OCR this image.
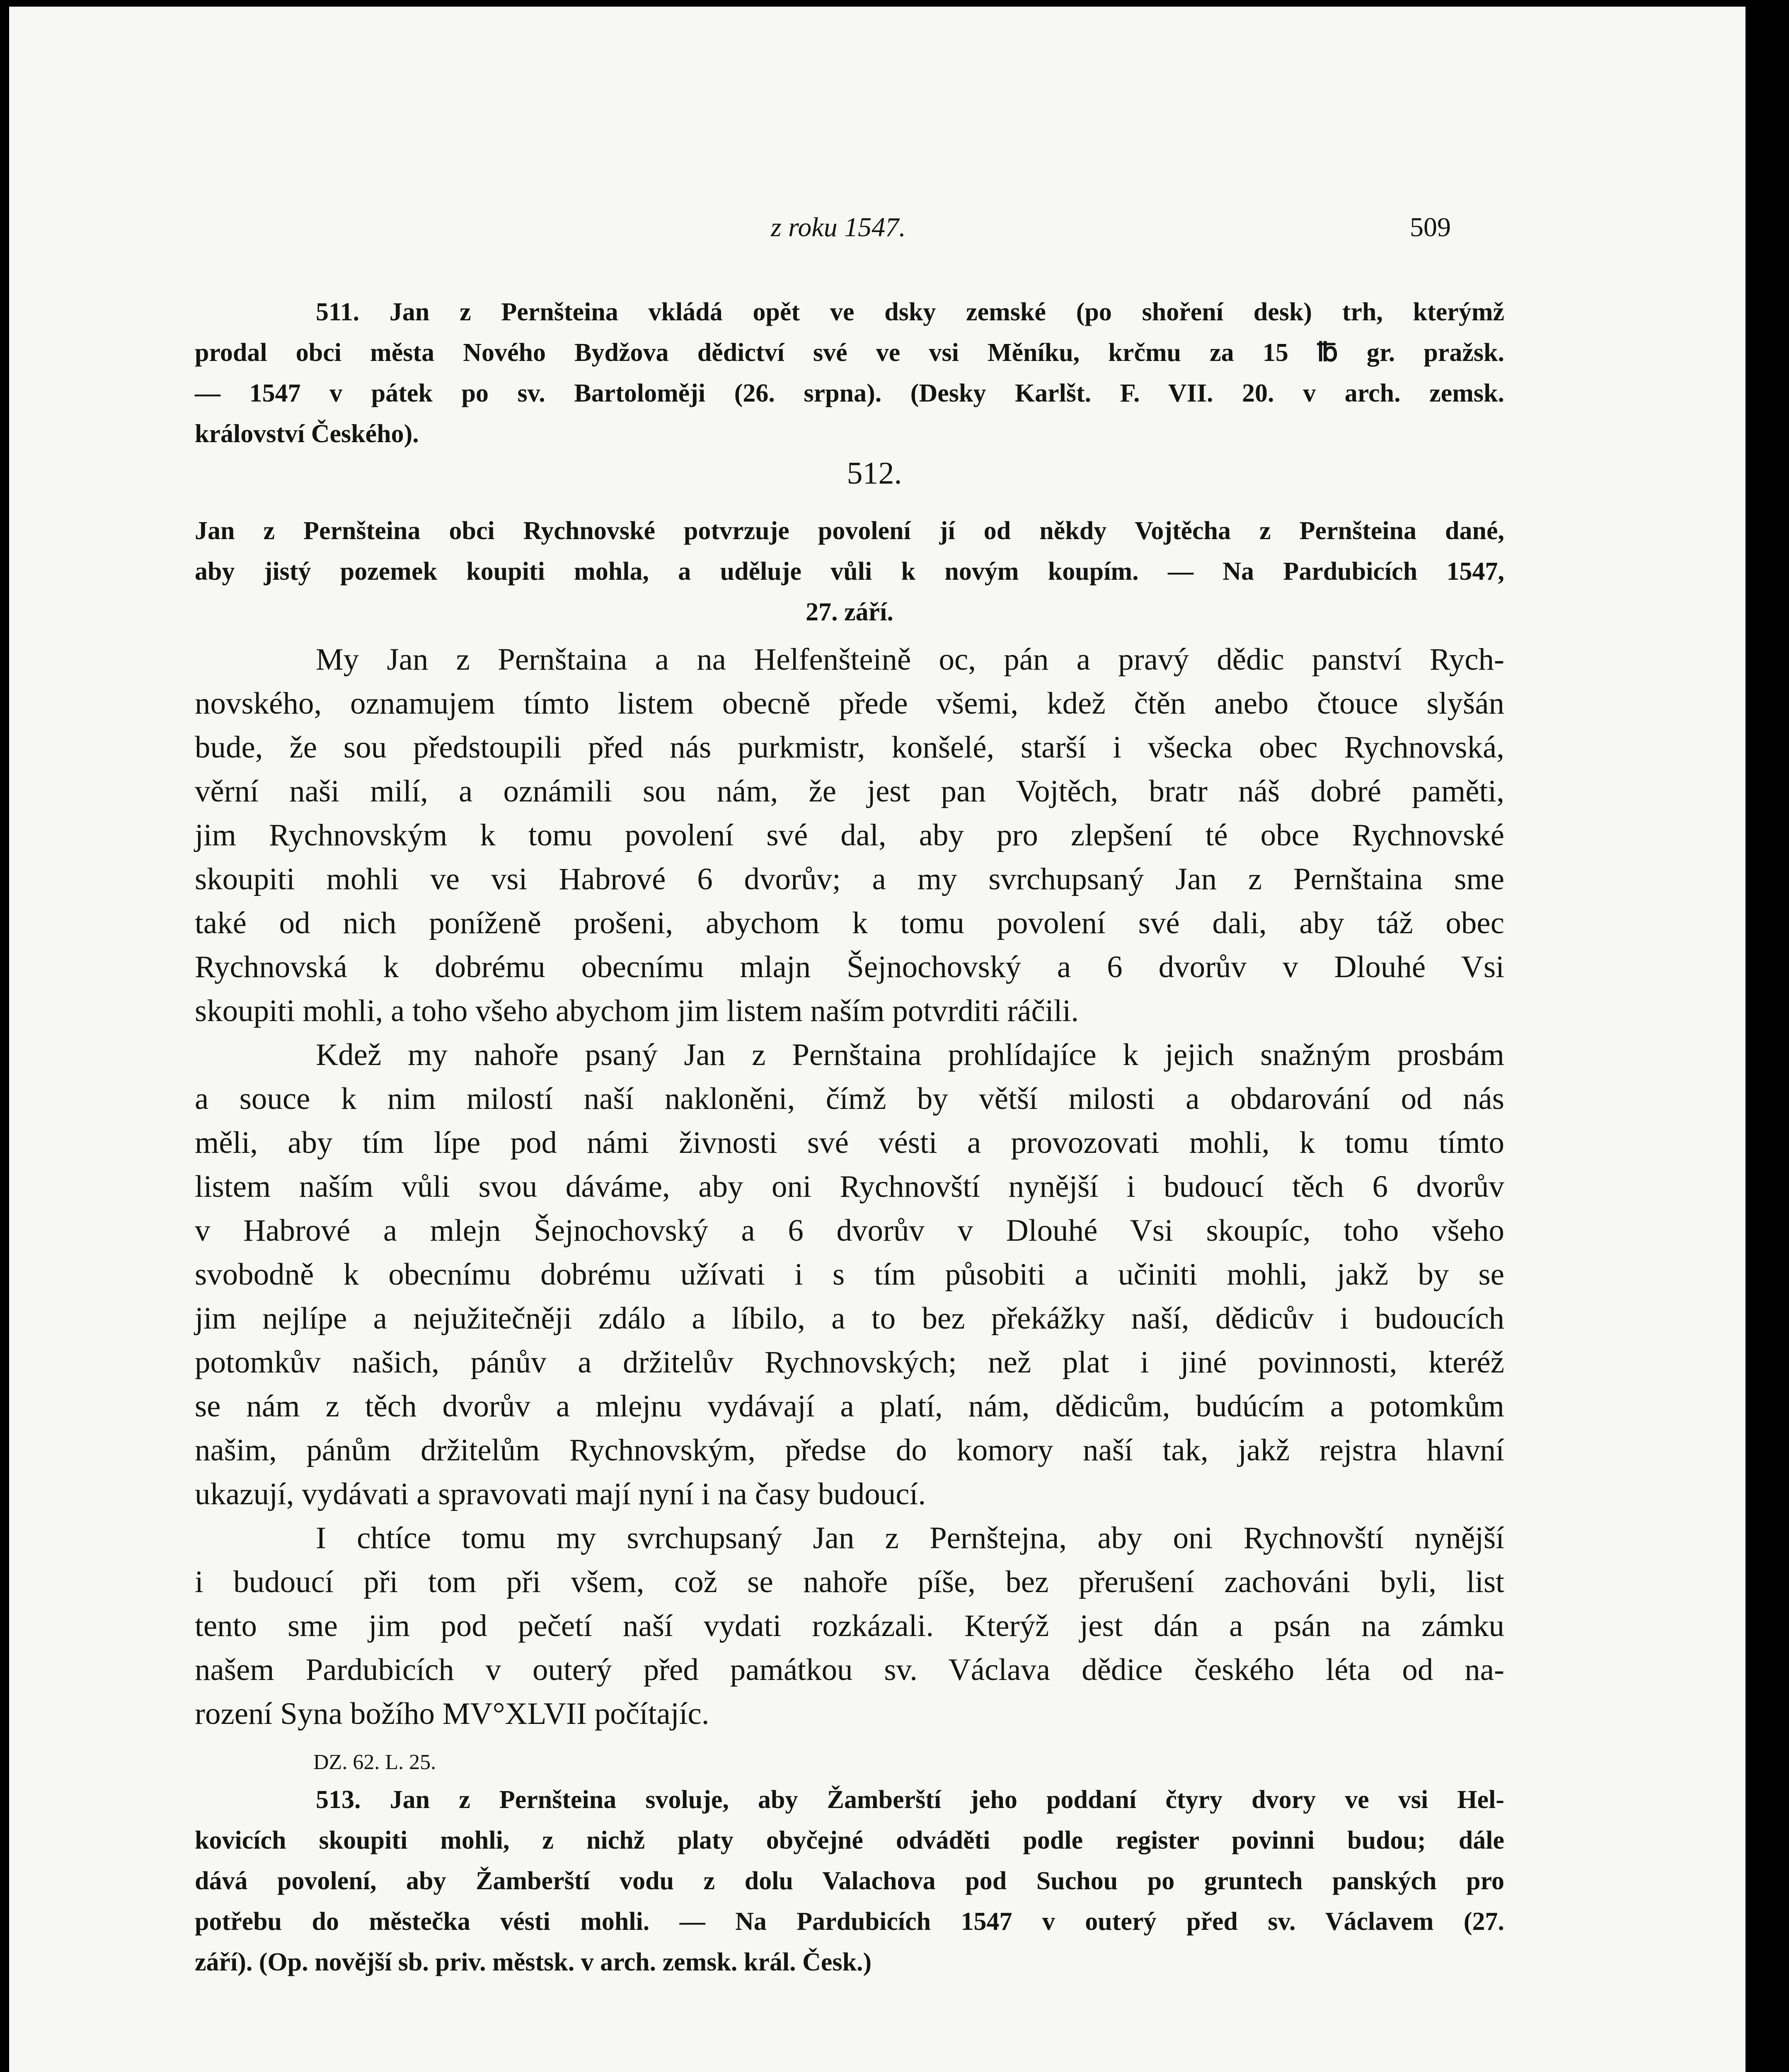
z roku 1547.	509
511. Jan z Pernšteina vkládá opět ve dsky zemské (po shoření desk) trh, kterýmž
prodal obci města Nového Bydžova dědictví své ve vsi Měníku, krčmu za 15 ℔ gr. pražsk.
— 1547 v pátek po sv. Bartoloměji (26. srpna). (Desky Karlšt. F. VII. 20. v arch. zemsk.
království Českého).
512.
Jan z Pernšteina obci Rychnovské potvrzuje povolení jí od někdy Vojtěcha z Pernšteina dané,
aby jistý pozemek koupiti mohla, a uděluje vůli k novým koupím. — Na Pardubicích 1547,
27. září.
My Jan z Pernštaina a na Helfenšteině oc, pán a pravý dědic panství Rych-
novského, oznamujem tímto listem obecně přede všemi, kdež čtěn anebo čtouce slyšán
bude, že sou předstoupili před nás purkmistr, konšelé, starší i všecka obec Rychnovská,
věrní naši milí, a oznámili sou nám, že jest pan Vojtěch, bratr náš dobré paměti,
jim Rychnovským k tomu povolení své dal, aby pro zlepšení té obce Rychnovské
skoupiti mohli ve vsi Habrové 6 dvorův; a my svrchupsaný Jan z Pernštaina sme
také od nich poníženě prošeni, abychom k tomu povolení své dali, aby táž obec
Rychnovská k dobrému obecnímu mlajn Šejnochovský a 6 dvorův v Dlouhé Vsi
skoupiti mohli, a toho všeho abychom jim listem naším potvrditi ráčili.
Kdež my nahoře psaný Jan z Pernštaina prohlídajíce k jejich snažným prosbám
a souce k nim milostí naší nakloněni, čímž by větší milosti a obdarování od nás
měli, aby tím lípe pod námi živnosti své vésti a provozovati mohli, k tomu tímto
listem naším vůli svou dáváme, aby oni Rychnovští nynější i budoucí těch 6 dvorův
v Habrové a mlejn Šejnochovský a 6 dvorův v Dlouhé Vsi skoupíc, toho všeho
svobodně k obecnímu dobrému užívati i s tím působiti a učiniti mohli, jakž by se
jim nejlípe a nejužitečněji zdálo a líbilo, a to bez překážky naší, dědicův i budoucích
potomkův našich, pánův a držitelův Rychnovských; než plat i jiné povinnosti, kteréž
se nám z těch dvorův a mlejnu vydávají a platí, nám, dědicům, budúcím a potomkům
našim, pánům držitelům Rychnovským, předse do komory naší tak, jakž rejstra hlavní
ukazují, vydávati a spravovati mají nyní i na časy budoucí.
I chtíce tomu my svrchupsaný Jan z Pernštejna, aby oni Rychnovští nynější
i budoucí při tom při všem, což se nahoře píše, bez přerušení zachováni byli, list
tento sme jim pod pečetí naší vydati rozkázali. Kterýž jest dán a psán na zámku
našem Pardubicích v outerý před památkou sv. Václava dědice českého léta od na-
rození Syna božího MV°XLVII počítajíc.
DZ. 62. L. 25.
513. Jan z Pernšteina svoluje, aby Žamberští jeho poddaní čtyry dvory ve vsi Hel-
kovicích skoupiti mohli, z nichž platy obyčejné odváděti podle register povinni budou; dále
dává povolení, aby Žamberští vodu z dolu Valachova pod Suchou po gruntech panských pro
potřebu do městečka vésti mohli. — Na Pardubicích 1547 v outerý před sv. Václavem (27.
září). (Op. novější sb. priv. městsk. v arch. zemsk. král. Česk.)
